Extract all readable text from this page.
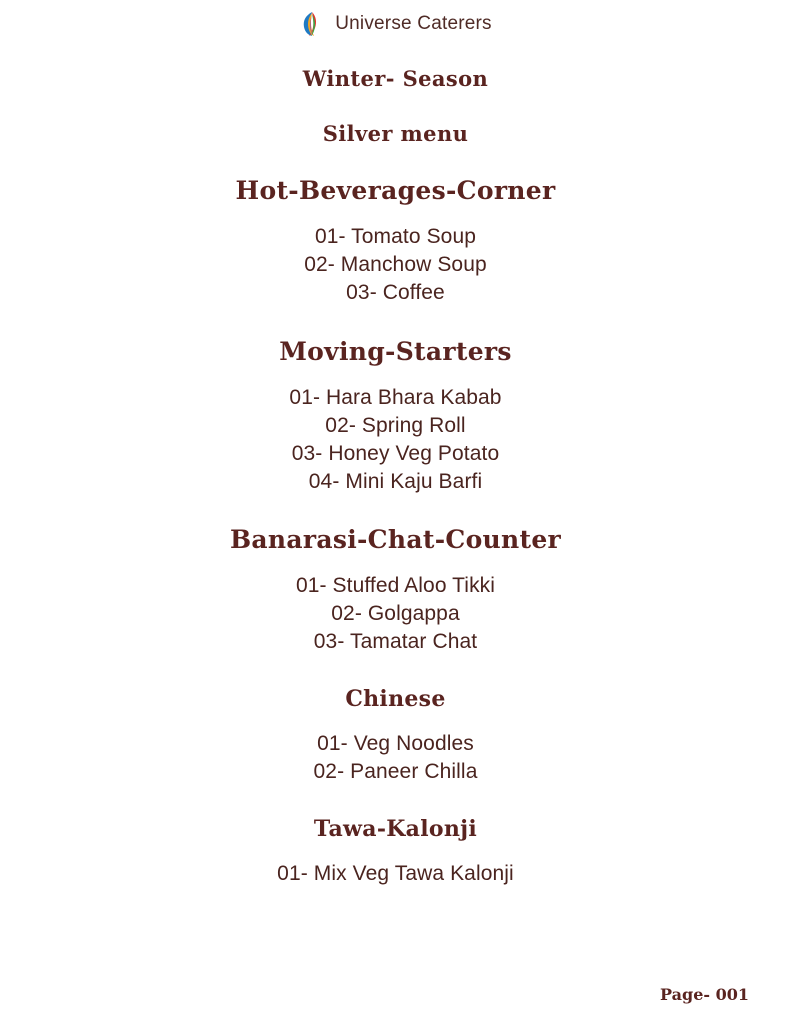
Universe Caterers
Winter- Season
Silver menu
Hot-Beverages-Corner
01- Tomato Soup
02- Manchow Soup
03- Coffee
Moving-Starters
01- Hara Bhara Kabab
02- Spring Roll
03- Honey Veg Potato
04- Mini Kaju Barfi
Banarasi-Chat-Counter
01- Stuffed Aloo Tikki
02- Golgappa
03- Tamatar Chat
Chinese
01- Veg Noodles
02- Paneer Chilla
Tawa-Kalonji
01- Mix Veg Tawa Kalonji
Page- 001
